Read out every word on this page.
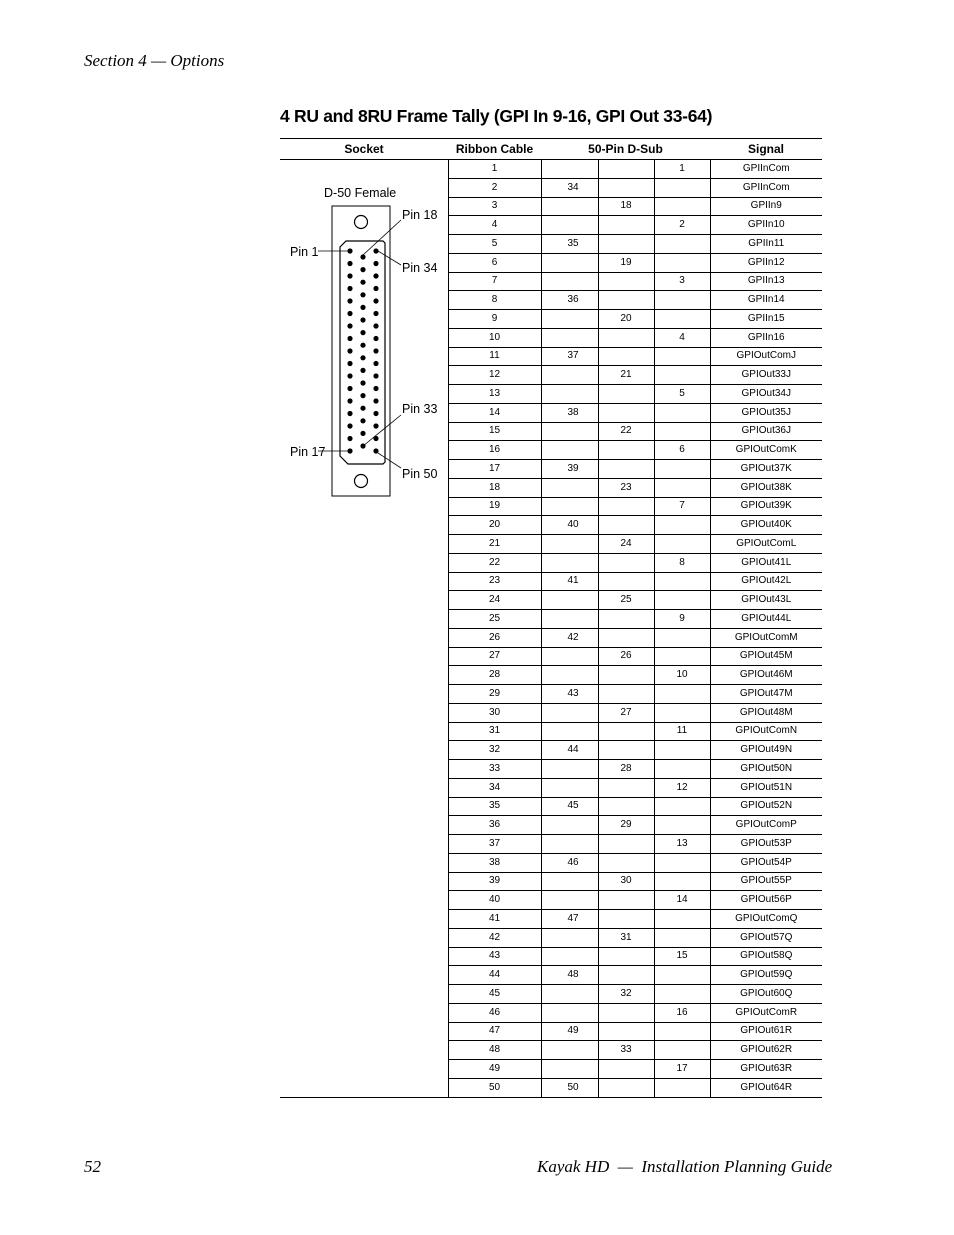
Section 4 — Options
4 RU and 8RU Frame Tally (GPI In 9-16, GPI Out 33-64)
Socket	Ribbon Cable	50-Pin D-Sub			Signal
	1			1	GPIInCom
	2	34			GPIInCom
	3		18		GPIIn9
	4			2	GPIIn10
	5	35			GPIIn11
	6		19		GPIIn12
	7			3	GPIIn13
	8	36			GPIIn14
	9		20		GPIIn15
	10			4	GPIIn16
	11	37			GPIOutComJ
	12		21		GPIOut33J
	13			5	GPIOut34J
	14	38			GPIOut35J
	15		22		GPIOut36J
	16			6	GPIOutComK
	17	39			GPIOut37K
	18		23		GPIOut38K
	19			7	GPIOut39K
	20	40			GPIOut40K
	21		24		GPIOutComL
	22			8	GPIOut41L
	23	41			GPIOut42L
	24		25		GPIOut43L
	25			9	GPIOut44L
	26	42			GPIOutComM
	27		26		GPIOut45M
	28			10	GPIOut46M
	29	43			GPIOut47M
	30		27		GPIOut48M
	31			11	GPIOutComN
	32	44			GPIOut49N
	33		28		GPIOut50N
	34			12	GPIOut51N
	35	45			GPIOut52N
	36		29		GPIOutComP
	37			13	GPIOut53P
	38	46			GPIOut54P
	39		30		GPIOut55P
	40			14	GPIOut56P
	41	47			GPIOutComQ
	42		31		GPIOut57Q
	43			15	GPIOut58Q
	44	48			GPIOut59Q
	45		32		GPIOut60Q
	46			16	GPIOutComR
	47	49			GPIOut61R
	48		33		GPIOut62R
	49			17	GPIOut63R
	50	50			GPIOut64R
D-50 Female
Pin 1
Pin 17
Pin 18
Pin 34
Pin 33
Pin 50
52	Kayak HD  —  Installation Planning Guide
